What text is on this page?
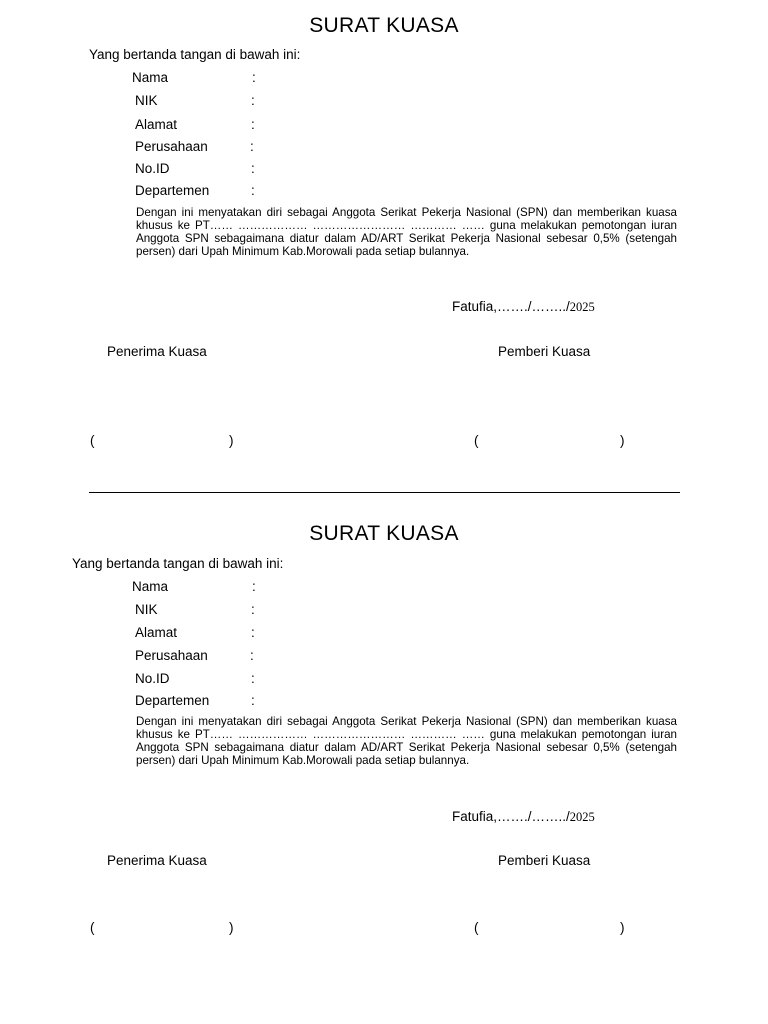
SURAT KUASA
Yang bertanda tangan di bawah ini:
Nama	:
NIK	:
Alamat	:
Perusahaan	:
No.ID	:
Departemen	:
Dengan ini menyatakan diri sebagai Anggota Serikat Pekerja Nasional (SPN) dan memberikan kuasa khusus ke PT…… ……………… …………………… ………… …… guna melakukan pemotongan iuran Anggota SPN sebagaimana diatur dalam AD/ART Serikat Pekerja Nasional sebesar 0,5% (setengah persen) dari Upah Minimum Kab.Morowali pada setiap bulannya.
Fatufia,……./……../2025
Penerima Kuasa	Pemberi Kuasa
(	)	(	)
SURAT KUASA
Yang bertanda tangan di bawah ini:
Nama	:
NIK	:
Alamat	:
Perusahaan	:
No.ID	:
Departemen	:
Dengan ini menyatakan diri sebagai Anggota Serikat Pekerja Nasional (SPN) dan memberikan kuasa khusus ke PT…… ……………… …………………… ………… …… guna melakukan pemotongan iuran Anggota SPN sebagaimana diatur dalam AD/ART Serikat Pekerja Nasional sebesar 0,5% (setengah persen) dari Upah Minimum Kab.Morowali pada setiap bulannya.
Fatufia,……./……../2025
Penerima Kuasa	Pemberi Kuasa
(	)	(	)
